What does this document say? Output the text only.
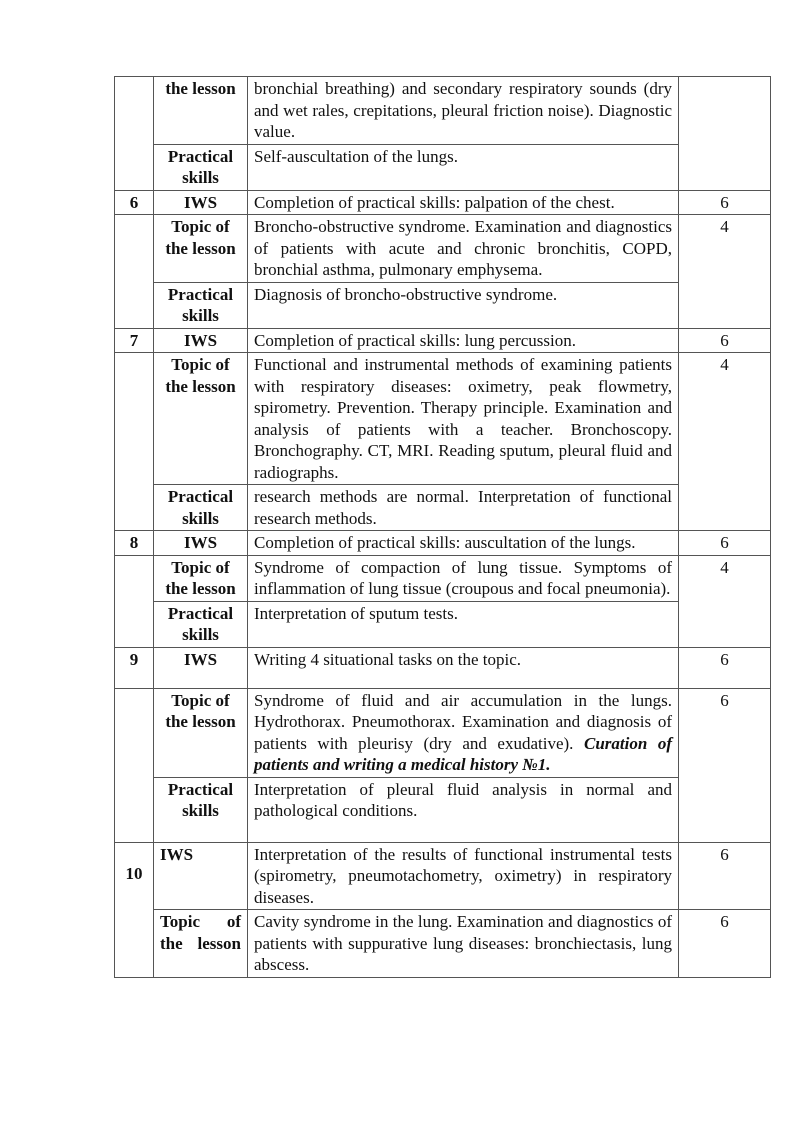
	the lesson	bronchial breathing) and secondary respiratory sounds (dry and wet rales, crepitations, pleural friction noise). Diagnostic value.	
	Practical skills	Self-auscultation of the lungs.	
6	IWS	Completion of practical skills: palpation of the chest.	6
	Topic of the lesson	Broncho-obstructive syndrome. Examination and diagnostics of patients with acute and chronic bronchitis, COPD, bronchial asthma, pulmonary emphysema.	4
	Practical skills	Diagnosis of broncho-obstructive syndrome.	
7	IWS	Completion of practical skills: lung percussion.	6
	Topic of the lesson	Functional and instrumental methods of examining patients with respiratory diseases: oximetry, peak flowmetry, spirometry. Prevention. Therapy principle. Examination and analysis of patients with a teacher. Bronchoscopy. Bronchography. CT, MRI. Reading sputum, pleural fluid and radiographs.	4
	Practical skills	research methods are normal. Interpretation of functional research methods.	
8	IWS	Completion of practical skills: auscultation of the lungs.	6
	Topic of the lesson	Syndrome of compaction of lung tissue. Symptoms of inflammation of lung tissue (croupous and focal pneumonia).	4
	Practical skills	Interpretation of sputum tests.	
9	IWS	Writing 4 situational tasks on the topic.	6
	Topic of the lesson	Syndrome of fluid and air accumulation in the lungs. Hydrothorax. Pneumothorax. Examination and diagnosis of patients with pleurisy (dry and exudative). Curation of patients and writing a medical history №1.	6
	Practical skills	Interpretation of pleural fluid analysis in normal and pathological conditions.	
10	IWS	Interpretation of the results of functional instrumental tests (spirometry, pneumotachometry, oximetry) in respiratory diseases.	6
	Topic of the lesson	Cavity syndrome in the lung. Examination and diagnostics of patients with suppurative lung diseases: bronchiectasis, lung abscess.	6
